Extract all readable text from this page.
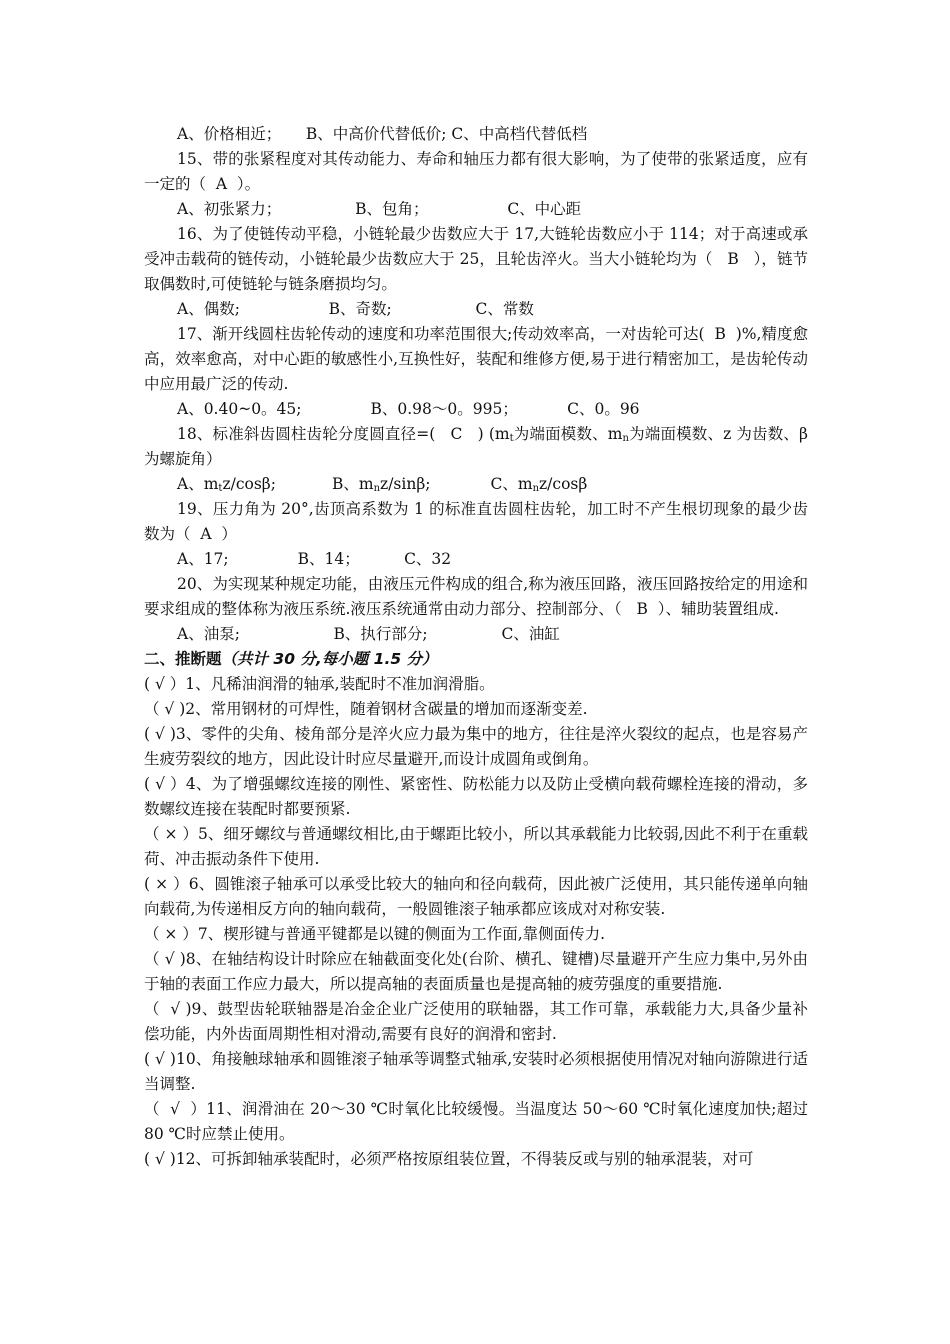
A、价格相近；     B、中高价代替低价; C、中高档代替低档

15、带的张紧程度对其传动能力、寿命和轴压力都有很大影响，为了使带的张紧适度，应有一定的（  A  ）。

A、初张紧力；               B、包角；                C、中心距

16、为了使链传动平稳，小链轮最少齿数应大于 17,大链轮齿数应小于 114；对于高速或承受冲击载荷的链传动，小链轮最少齿数应大于 25，且轮齿淬火。当大小链轮均为（   B   ），链节取偶数时,可使链轮与链条磨损均匀。

A、偶数;                  B、奇数;                 C、常数

17、渐开线圆柱齿轮传动的速度和功率范围很大;传动效率高，一对齿轮可达(  B  )%,精度愈高，效率愈高，对中心距的敏感性小,互换性好，装配和维修方便,易于进行精密加工，是齿轮传动中应用最广泛的传动.

A、0.40~0。45;              B、0.98～0。995；          C、0。96

18、标准斜齿圆柱齿轮分度圆直径=(   C   ) ($m_t$为端面模数、$m_n$为端面模数、z 为齿数、β为螺旋角）

A、$m_tz$/cosβ;	B、$m_nz$/sinβ;	C、$m_nz$/cosβ

19、压力角为 20°,齿顶高系数为 1 的标准直齿圆柱齿轮，加工时不产生根切现象的最少齿数为（  A  ）

A、17;              B、14；         C、32

20、为实现某种规定功能，由液压元件构成的组合,称为液压回路，液压回路按给定的用途和要求组成的整体称为液压系统.液压系统通常由动力部分、控制部分、（   B  ）、辅助装置组成.

A、油泵;                   B、执行部分;               C、油缸

二、推断题（共计 30 分,每小题 1.5 分）

( √ ）1、凡稀油润滑的轴承,装配时不准加润滑脂。

（ √ )2、常用钢材的可焊性，随着钢材含碳量的增加而逐渐变差.

( √ )3、零件的尖角、棱角部分是淬火应力最为集中的地方，往往是淬火裂纹的起点，也是容易产生疲劳裂纹的地方，因此设计时应尽量避开,而设计成圆角或倒角。

( √ ）4、为了增强螺纹连接的刚性、紧密性、防松能力以及防止受横向载荷螺栓连接的滑动，多数螺纹连接在装配时都要预紧.

（ × ）5、细牙螺纹与普通螺纹相比,由于螺距比较小，所以其承载能力比较弱,因此不利于在重载荷、冲击振动条件下使用.

( × ）6、圆锥滚子轴承可以承受比较大的轴向和径向载荷，因此被广泛使用，其只能传递单向轴向载荷,为传递相反方向的轴向载荷，一般圆锥滚子轴承都应该成对对称安装.

（ × ）7、楔形键与普通平键都是以键的侧面为工作面,靠侧面传力.

（ √ )8、在轴结构设计时除应在轴截面变化处(台阶、横孔、键槽)尽量避开产生应力集中,另外由于轴的表面工作应力最大，所以提高轴的表面质量也是提高轴的疲劳强度的重要措施.

（  √ )9、鼓型齿轮联轴器是冶金企业广泛使用的联轴器，其工作可靠，承载能力大,具备少量补偿功能，内外齿面周期性相对滑动,需要有良好的润滑和密封.

( √ )10、角接触球轴承和圆锥滚子轴承等调整式轴承,安装时必须根据使用情况对轴向游隙进行适当调整.

（  √  ）11、润滑油在 20～30 ℃时氧化比较缓慢。当温度达 50～60 ℃时氧化速度加快;超过 80 ℃时应禁止使用。

( √ )12、可拆卸轴承装配时，必须严格按原组装位置，不得装反或与别的轴承混装，对可
